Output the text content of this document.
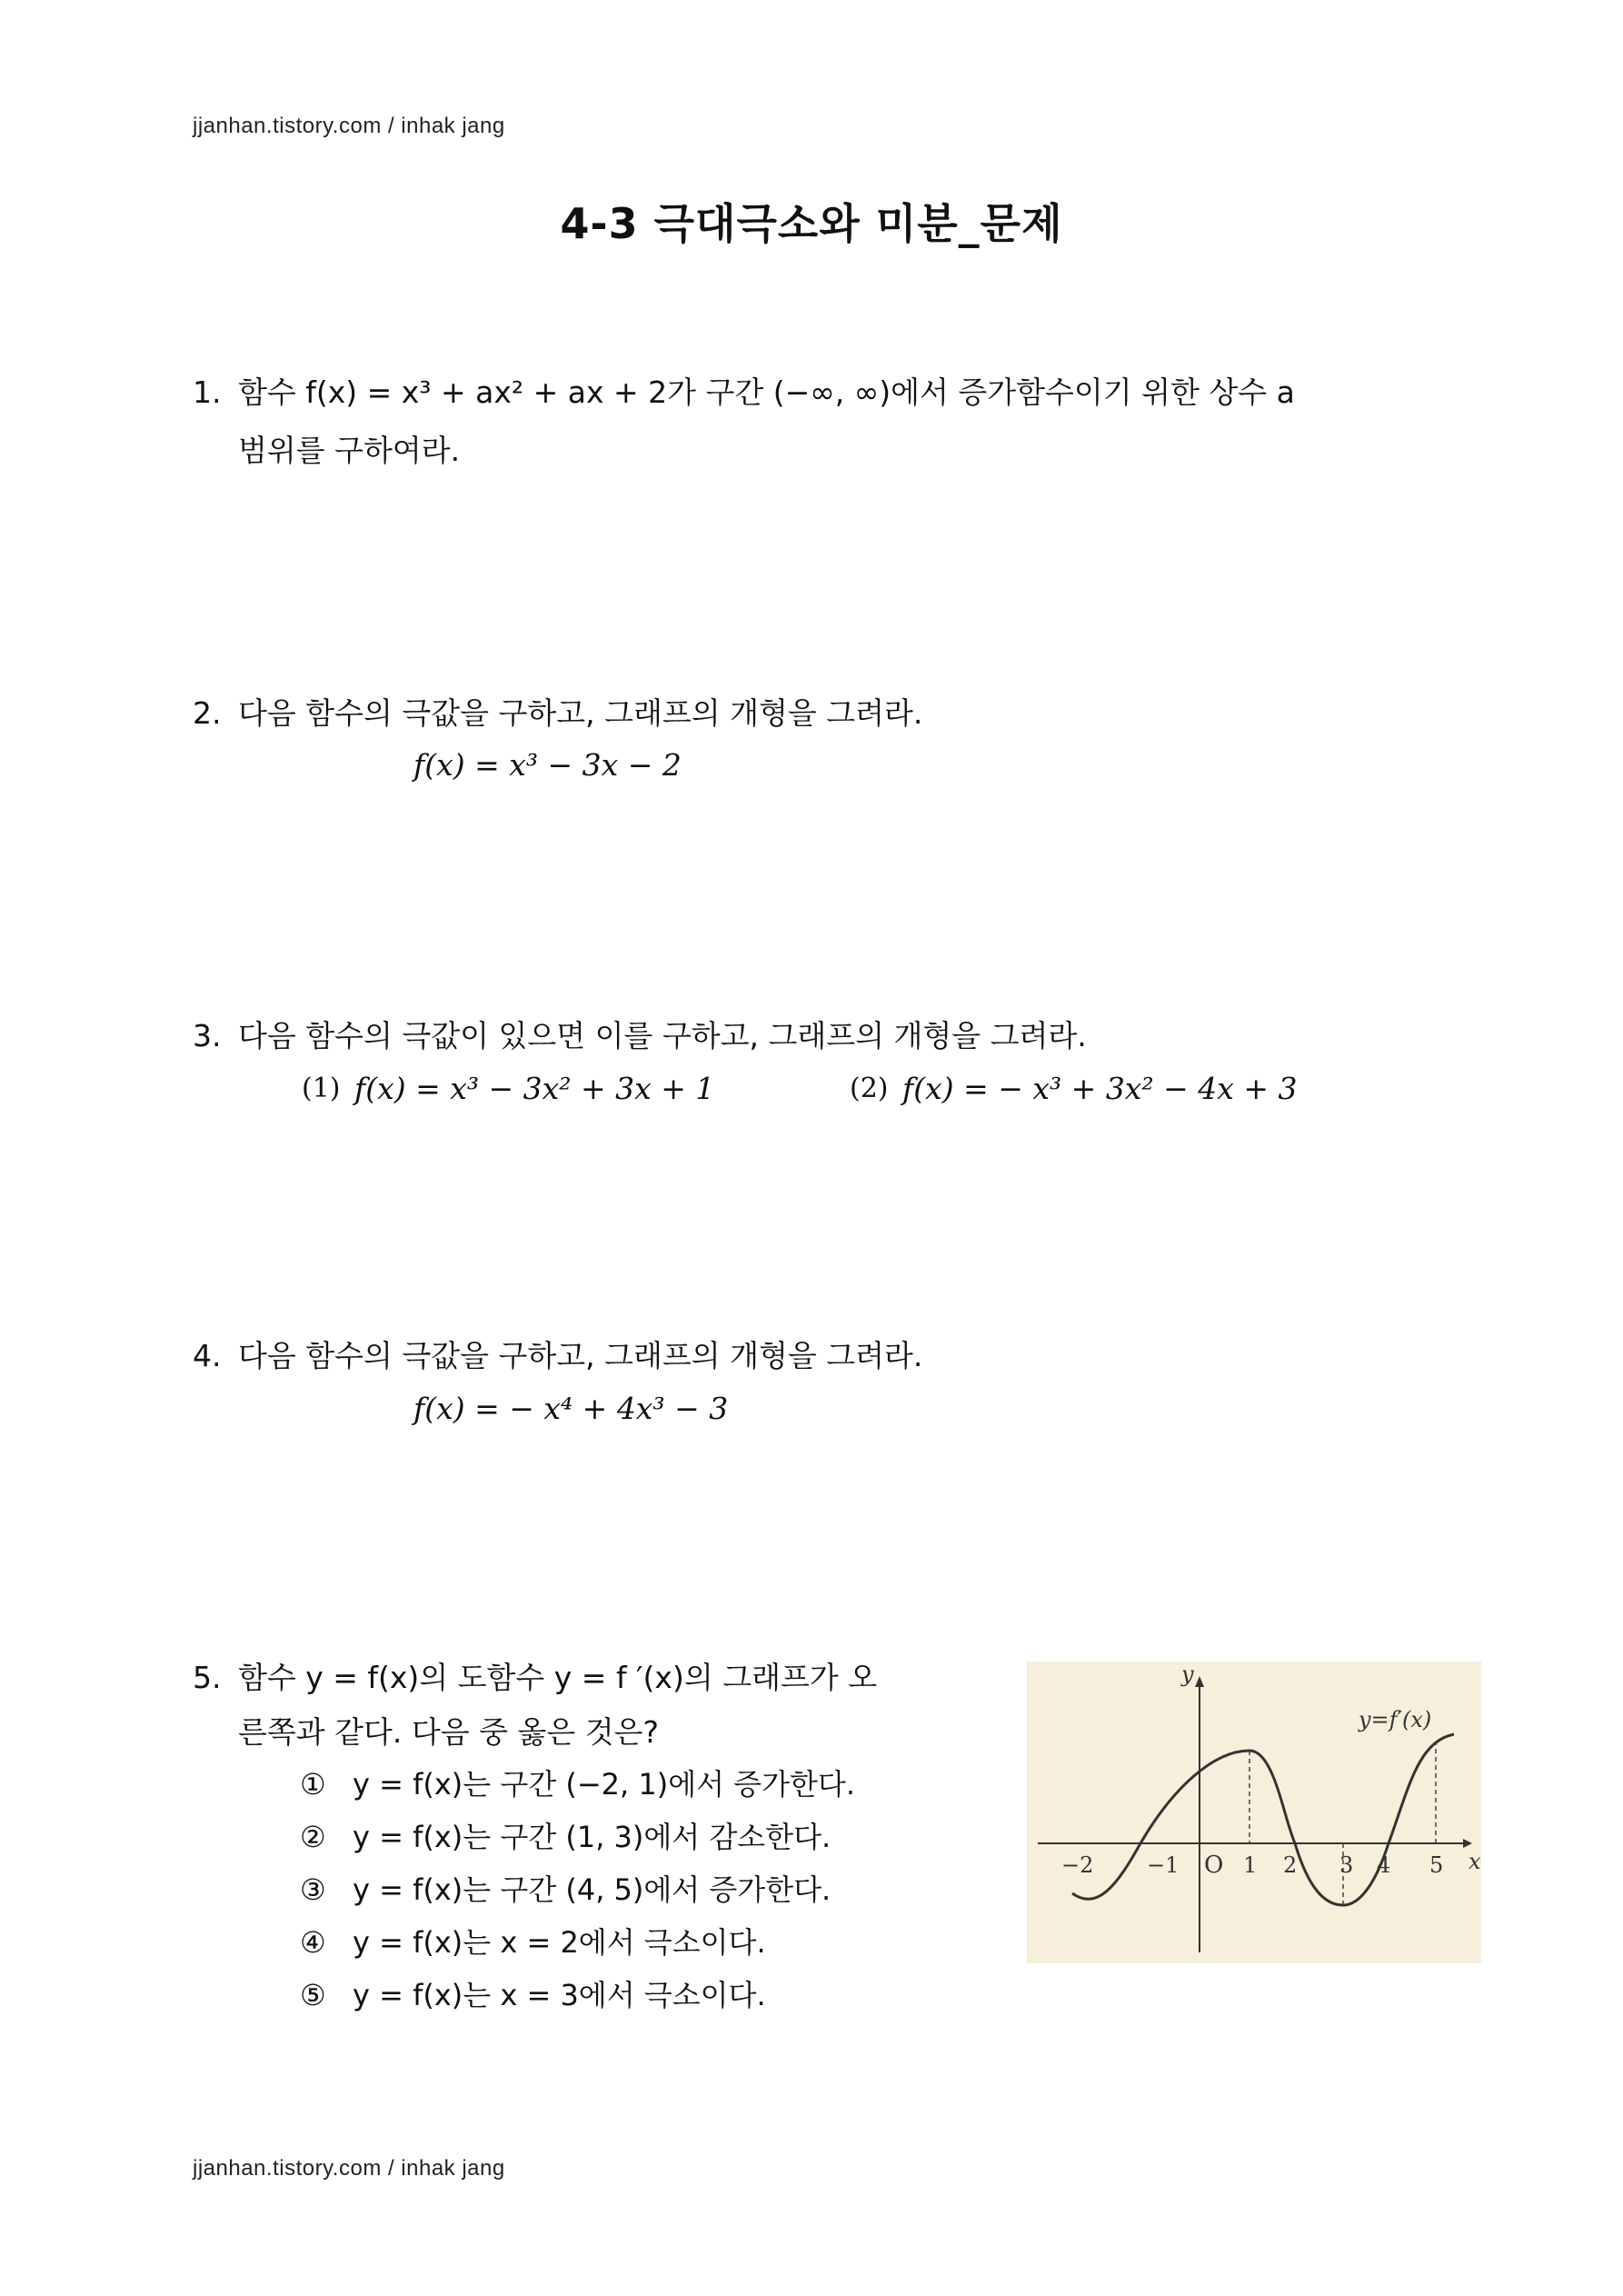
jjanhan.tistory.com / inhak jang
4-3 극대극소와 미분_문제
1. 함수 f(x) = x³ + ax² + ax + 2가 구간 (−∞, ∞)에서 증가함수이기 위한 상수 a
범위를 구하여라.
2. 다음 함수의 극값을 구하고, 그래프의 개형을 그려라.
f(x) = x³ − 3x − 2
3. 다음 함수의 극값이 있으면 이를 구하고, 그래프의 개형을 그려라.
(1) f(x) = x³ − 3x² + 3x + 1	(2) f(x) = − x³ + 3x² − 4x + 3
4. 다음 함수의 극값을 구하고, 그래프의 개형을 그려라.
f(x) = − x⁴ + 4x³ − 3
5. 함수 y = f(x)의 도함수 y = f ′(x)의 그래프가 오
른쪽과 같다. 다음 중 옳은 것은?
① y = f(x)는 구간 (−2, 1)에서 증가한다.
② y = f(x)는 구간 (1, 3)에서 감소한다.
③ y = f(x)는 구간 (4, 5)에서 증가한다.
④ y = f(x)는 x = 2에서 극소이다.
⑤ y = f(x)는 x = 3에서 극소이다.
y
x
y=f′(x)
O
−2 −1	1 2 3 4 5
jjanhan.tistory.com / inhak jang
